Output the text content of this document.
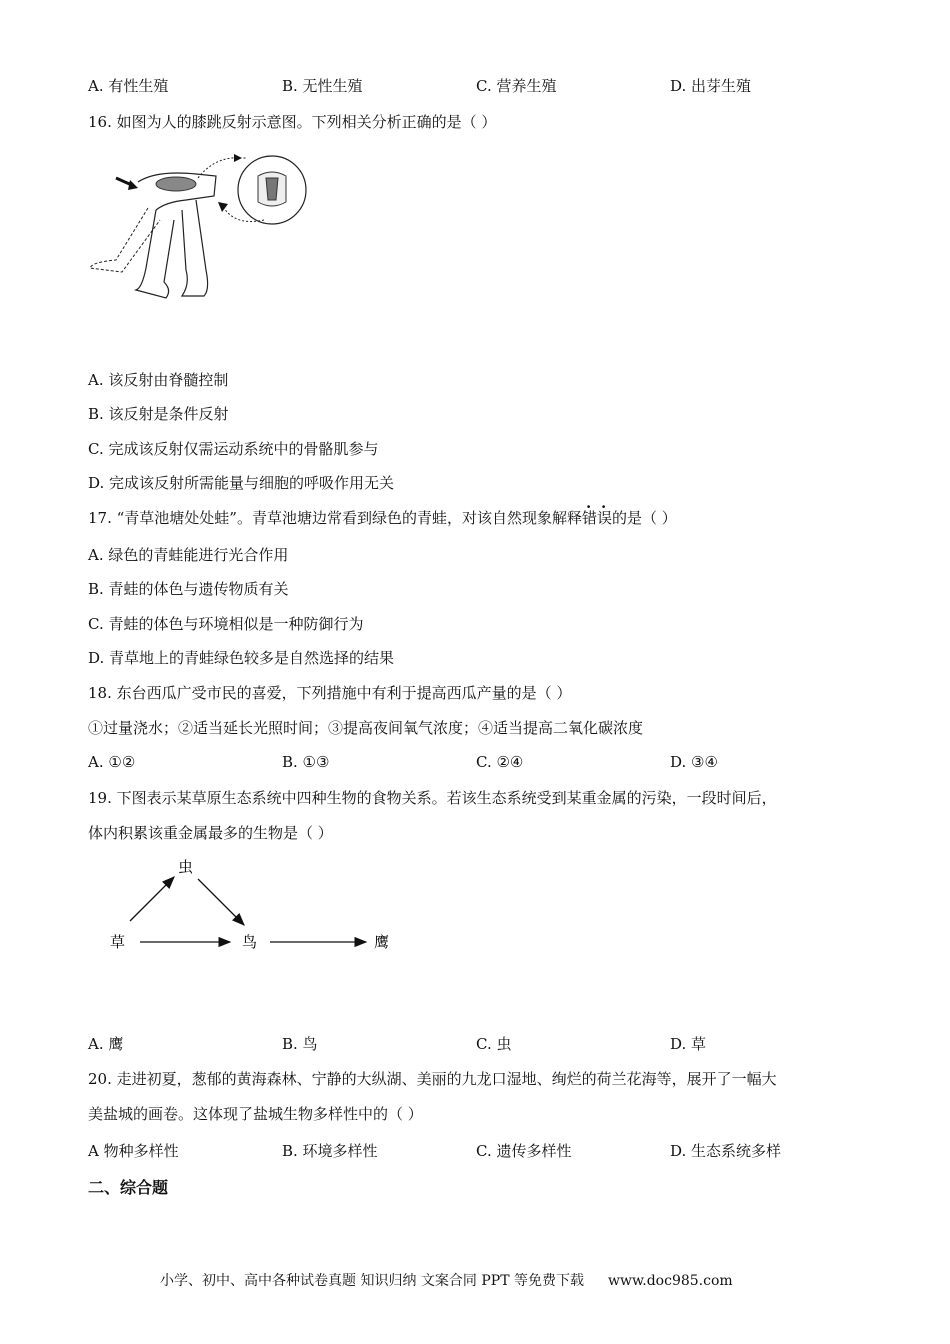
A. 有性生殖	B. 无性生殖	C. 营养生殖	D. 出芽生殖
16. 如图为人的膝跳反射示意图。下列相关分析正确的是（ ）
A. 该反射由脊髓控制
B. 该反射是条件反射
C. 完成该反射仅需运动系统中的骨骼肌参与
D. 完成该反射所需能量与细胞的呼吸作用无关
17. “青草池塘处处蛙”。青草池塘边常看到绿色的青蛙，对该自然现象解释错误的是（ ）
A. 绿色的青蛙能进行光合作用
B. 青蛙的体色与遗传物质有关
C. 青蛙的体色与环境相似是一种防御行为
D. 青草地上的青蛙绿色较多是自然选择的结果
18. 东台西瓜广受市民的喜爱，下列措施中有利于提高西瓜产量的是（ ）
①过量浇水；②适当延长光照时间；③提高夜间氧气浓度；④适当提高二氧化碳浓度
A. ①②	B. ①③	C. ②④	D. ③④
19. 下图表示某草原生态系统中四种生物的食物关系。若该生态系统受到某重金属的污染，一段时间后，
体内积累该重金属最多的生物是（ ）
虫
草	鸟	鹰
A. 鹰	B. 鸟	C. 虫	D. 草
20. 走进初夏，葱郁的黄海森林、宁静的大纵湖、美丽的九龙口湿地、绚烂的荷兰花海等，展开了一幅大
美盐城的画卷。这体现了盐城生物多样性中的（ ）
A 物种多样性	B. 环境多样性	C. 遗传多样性	D. 生态系统多样
二、综合题
小学、初中、高中各种试卷真题 知识归纳 文案合同 PPT 等免费下载 www.doc985.com
